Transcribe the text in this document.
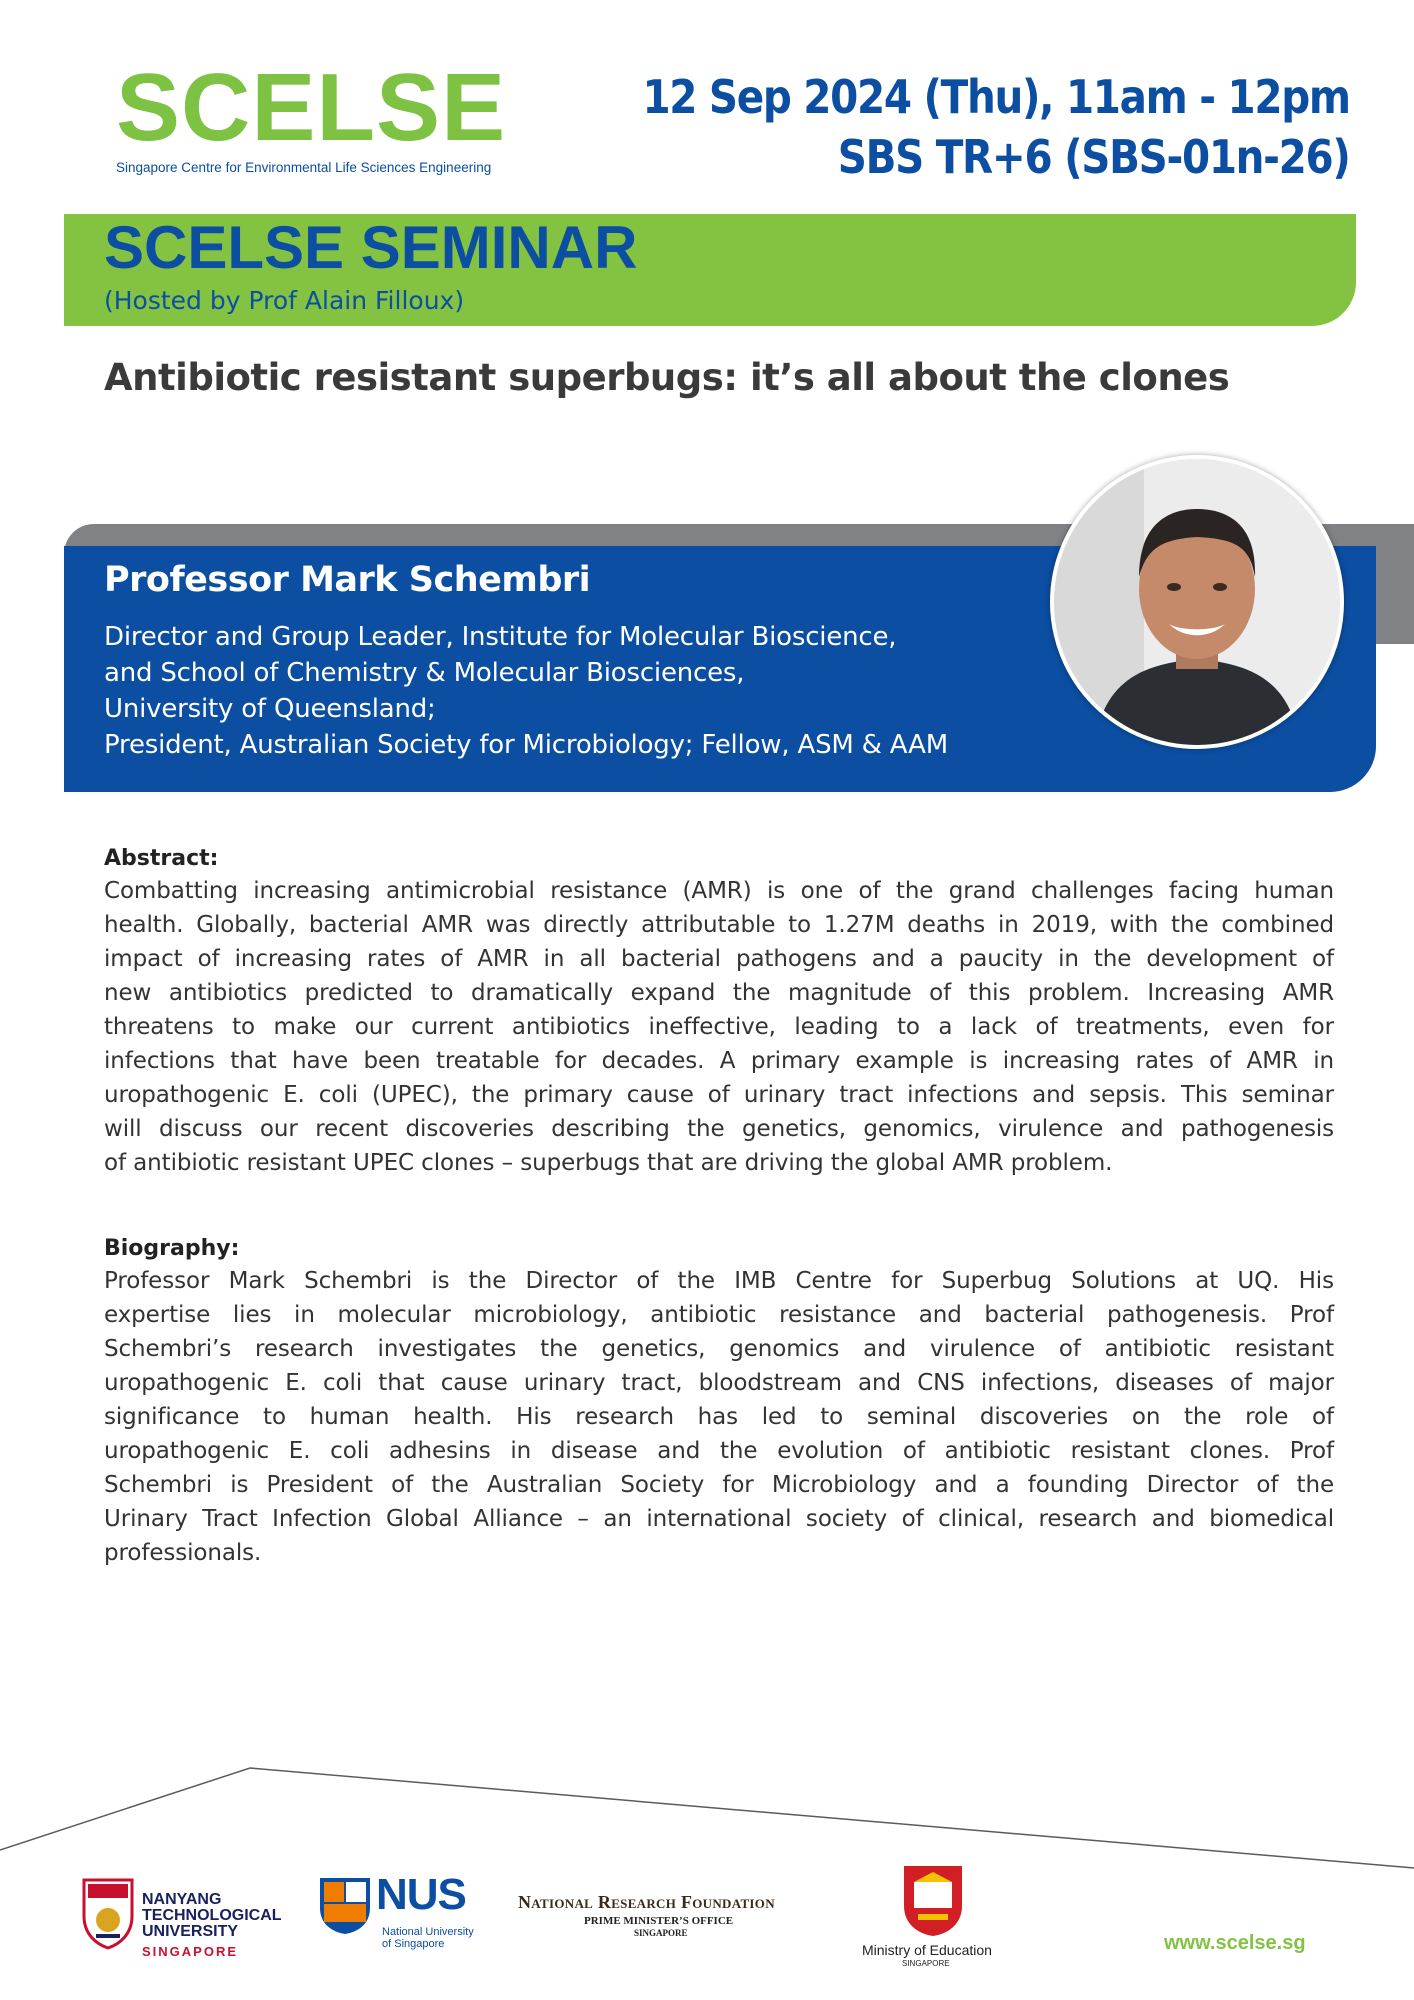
SCELSE
Singapore Centre for Environmental Life Sciences Engineering
12 Sep 2024 (Thu), 11am - 12pm
SBS TR+6 (SBS-01n-26)
SCELSE SEMINAR
(Hosted by Prof Alain Filloux)
Antibiotic resistant superbugs: it’s all about the clones
Professor Mark Schembri
Director and Group Leader, Institute for Molecular Bioscience,
and School of Chemistry & Molecular Biosciences,
University of Queensland;
President, Australian Society for Microbiology; Fellow, ASM & AAM
Abstract:
Combatting increasing antimicrobial resistance (AMR) is one of the grand challenges facing human
health. Globally, bacterial AMR was directly attributable to 1.27M deaths in 2019, with the combined
impact of increasing rates of AMR in all bacterial pathogens and a paucity in the development of
new antibiotics predicted to dramatically expand the magnitude of this problem. Increasing AMR
threatens to make our current antibiotics ineffective, leading to a lack of treatments, even for
infections that have been treatable for decades. A primary example is increasing rates of AMR in
uropathogenic E. coli (UPEC), the primary cause of urinary tract infections and sepsis. This seminar
will discuss our recent discoveries describing the genetics, genomics, virulence and pathogenesis
of antibiotic resistant UPEC clones – superbugs that are driving the global AMR problem.
Biography:
Professor Mark Schembri is the Director of the IMB Centre for Superbug Solutions at UQ. His
expertise lies in molecular microbiology, antibiotic resistance and bacterial pathogenesis. Prof
Schembri’s research investigates the genetics, genomics and virulence of antibiotic resistant
uropathogenic E. coli that cause urinary tract, bloodstream and CNS infections, diseases of major
significance to human health. His research has led to seminal discoveries on the role of
uropathogenic E. coli adhesins in disease and the evolution of antibiotic resistant clones. Prof
Schembri is President of the Australian Society for Microbiology and a founding Director of the
Urinary Tract Infection Global Alliance – an international society of clinical, research and biomedical
professionals.
NANYANG
TECHNOLOGICAL
UNIVERSITY
SINGAPORE
NUS
National University
of Singapore
National Research Foundation
PRIME MINISTER’S OFFICE
SINGAPORE
Ministry of Education
SINGAPORE
www.scelse.sg
